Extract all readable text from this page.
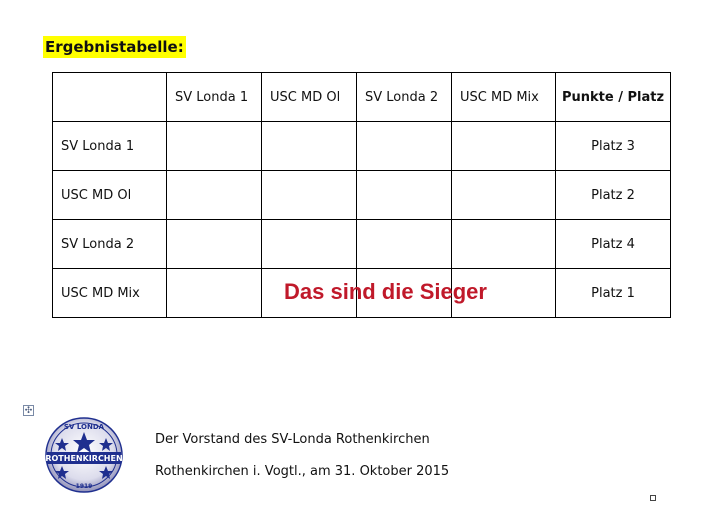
Ergebnistabelle:
	SV Londa 1	USC MD Ol	SV Londa 2	USC MD Mix	Punkte / Platz
SV Londa 1					Platz 3
USC MD Ol					Platz 2
SV Londa 2					Platz 4
USC MD Mix					Platz 1
Das sind die Sieger
✣
SV LONDA
ROTHENKIRCHEN
1919
Der Vorstand des SV-Londa Rothenkirchen
Rothenkirchen i. Vogtl., am 31. Oktober 2015
